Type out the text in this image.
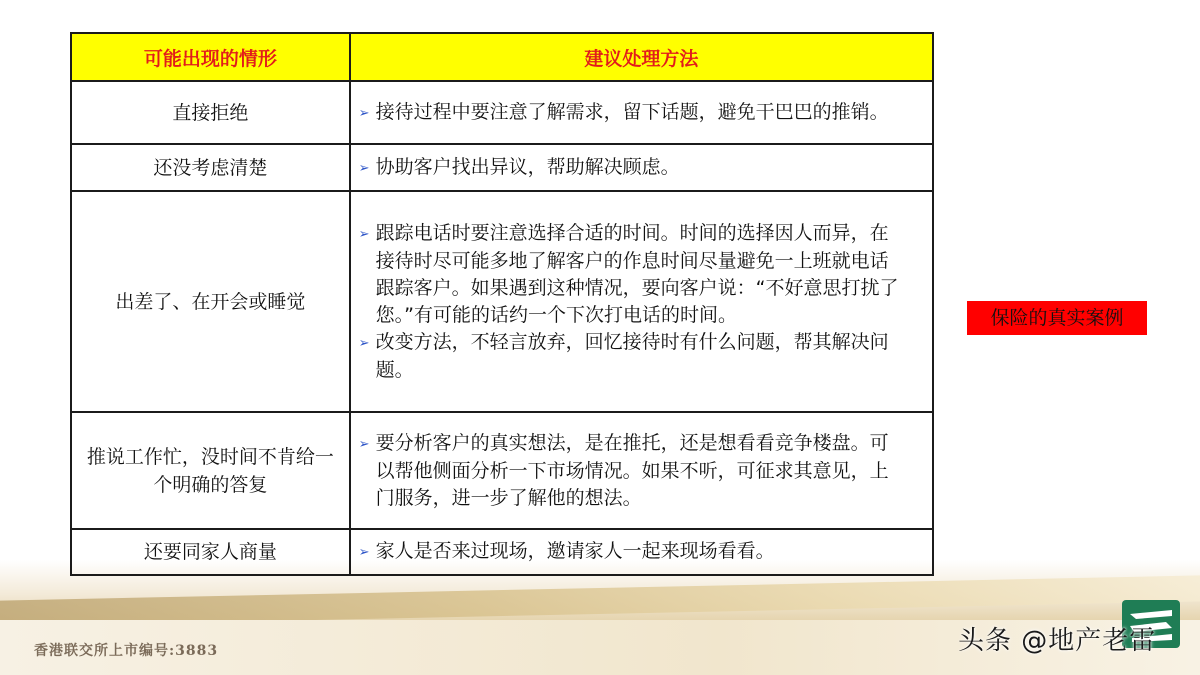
可能出现的情形	建议处理方法
直接拒绝	➢ 接待过程中要注意了解需求，留下话题，避免干巴巴的推销。

还没考虑清楚	➢ 协助客户找出异议，帮助解决顾虑。

出差了、在开会或睡觉	➢ 跟踪电话时要注意选择合适的时间。时间的选择因人而异，在接待时尽可能多地了解客户的作息时间尽量避免一上班就电话跟踪客户。如果遇到这种情况，要向客户说：“不好意思打扰了您。”有可能的话约一个下次打电话的时间。
➢ 改变方法，不轻言放弃，回忆接待时有什么问题，帮其解决问题。

推说工作忙，没时间不肯给一个明确的答复	➢ 要分析客户的真实想法，是在推托，还是想看看竞争楼盘。可以帮他侧面分析一下市场情况。如果不听，可征求其意见，上门服务，进一步了解他的想法。

还要同家人商量	➢ 家人是否来过现场，邀请家人一起来现场看看。
保险的真实案例
香港联交所上市编号:3883	头条 @地产老雷
